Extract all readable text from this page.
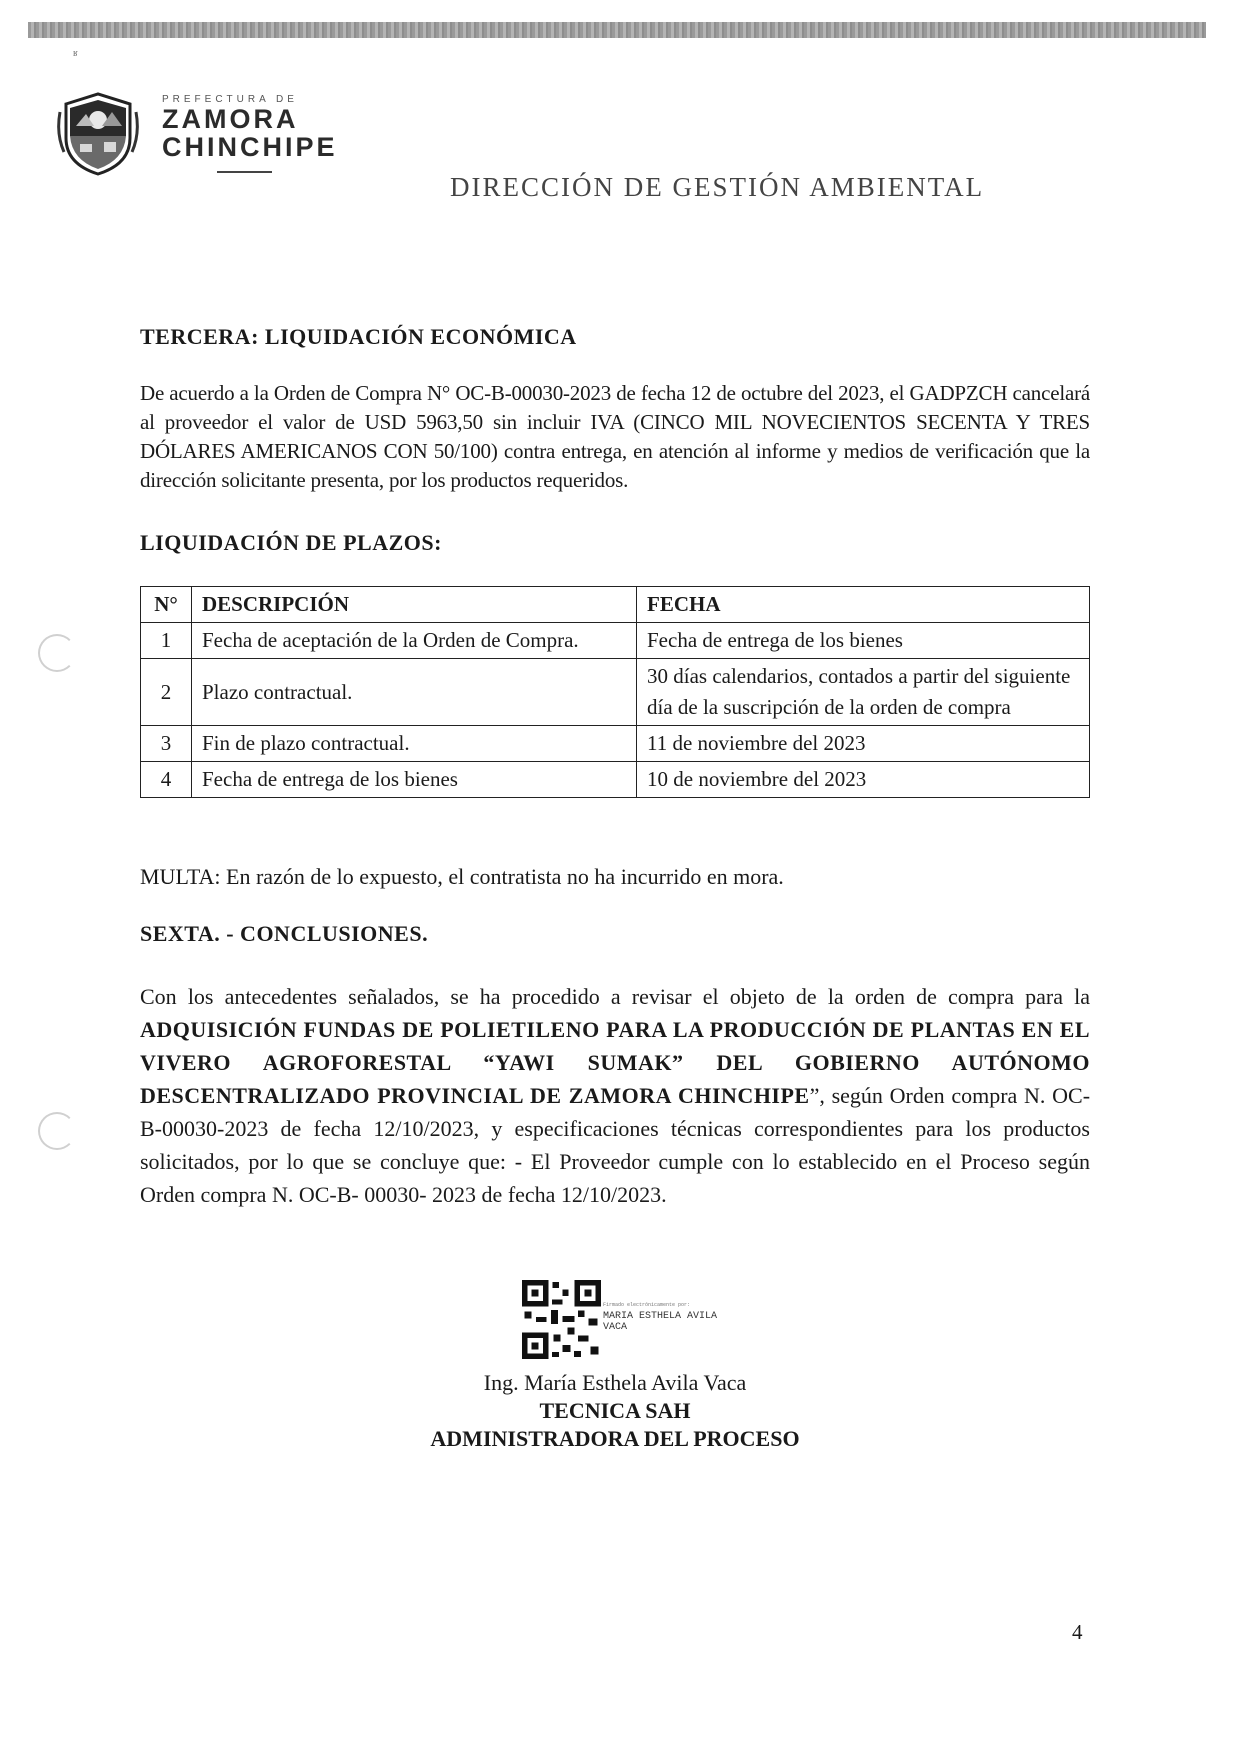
ʁ
PREFECTURA DE
ZAMORA
CHINCHIPE
DIRECCIÓN DE GESTIÓN AMBIENTAL
TERCERA: LIQUIDACIÓN ECONÓMICA
De acuerdo a la Orden de Compra N° OC-B-00030-2023 de fecha 12 de octubre del 2023, el GADPZCH cancelará al proveedor el valor de USD 5963,50 sin incluir IVA (CINCO MIL NOVECIENTOS SECENTA Y TRES DÓLARES AMERICANOS CON 50/100) contra entrega, en atención al informe y medios de verificación que la dirección solicitante presenta, por los productos requeridos.
LIQUIDACIÓN DE PLAZOS:
N°	DESCRIPCIÓN	FECHA
1	Fecha de aceptación de la Orden de Compra.	Fecha de entrega de los bienes
2	Plazo contractual.	30 días calendarios, contados a partir del siguiente día de la suscripción de la orden de compra
3	Fin de plazo contractual.	11 de noviembre del 2023
4	Fecha de entrega de los bienes	10 de noviembre del 2023
MULTA: En razón de lo expuesto, el contratista no ha incurrido en mora.
SEXTA. - CONCLUSIONES.
Con los antecedentes señalados, se ha procedido a revisar el objeto de la orden de compra para la ADQUISICIÓN FUNDAS DE POLIETILENO PARA LA PRODUCCIÓN DE PLANTAS EN EL VIVERO AGROFORESTAL “YAWI SUMAK” DEL GOBIERNO AUTÓNOMO DESCENTRALIZADO PROVINCIAL DE ZAMORA CHINCHIPE”, según Orden compra N. OC-B-00030-2023 de fecha 12/10/2023, y especificaciones técnicas correspondientes para los productos solicitados, por lo que se concluye que: - El Proveedor cumple con lo establecido en el Proceso según Orden compra N. OC-B- 00030- 2023 de fecha 12/10/2023.
Firmado electrónicamente por:
MARIA ESTHELA AVILA
VACA
Ing. María Esthela Avila Vaca
TECNICA SAH
ADMINISTRADORA DEL PROCESO
4
